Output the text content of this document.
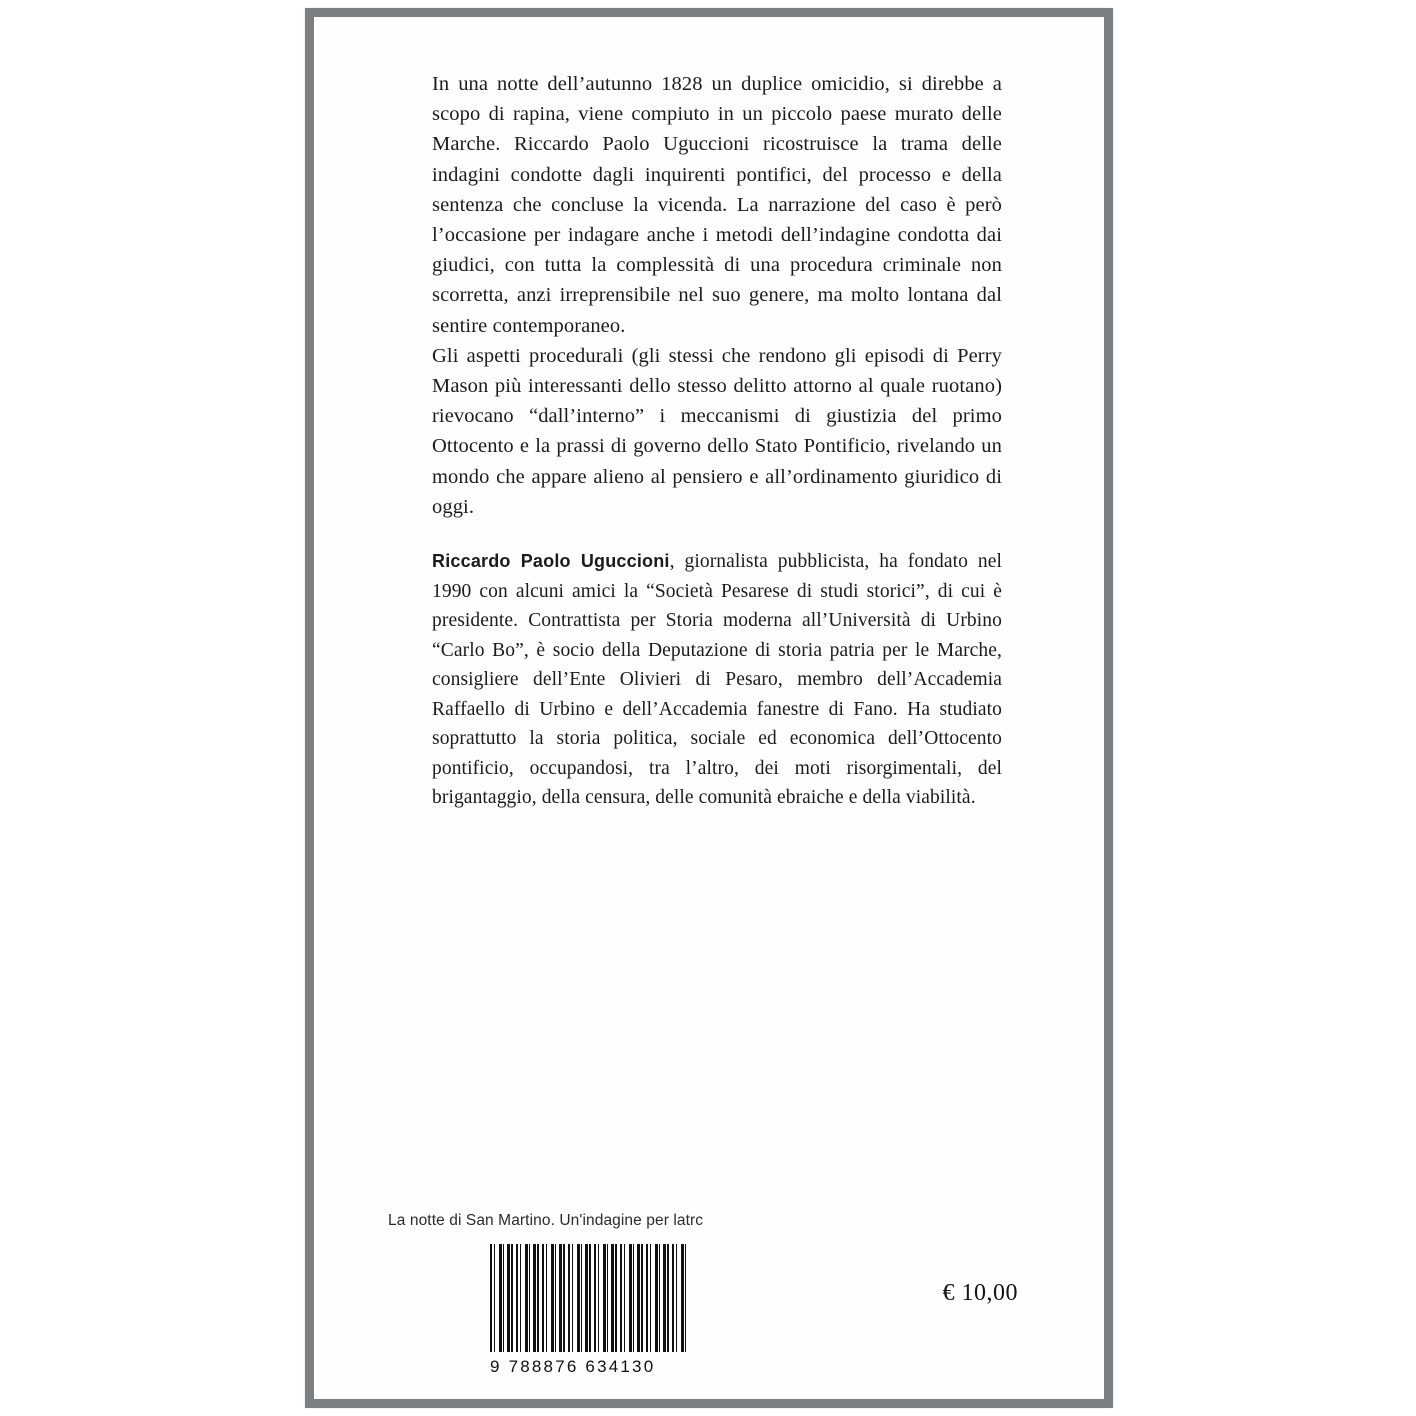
In una notte dell’autunno 1828 un duplice omicidio, si direbbe a scopo di rapina, viene compiuto in un piccolo paese murato delle Marche. Riccardo Paolo Uguccioni ricostruisce la trama delle indagini condotte dagli inquirenti pontifici, del processo e della sentenza che concluse la vicenda. La narrazione del caso è però l’occasione per indagare anche i metodi dell’indagine condotta dai giudici, con tutta la complessità di una procedura criminale non scorretta, anzi irreprensibile nel suo genere, ma molto lontana dal sentire contemporaneo.

Gli aspetti procedurali (gli stessi che rendono gli episodi di Perry Mason più interessanti dello stesso delitto attorno al quale ruotano) rievocano “dall’interno” i meccanismi di giustizia del primo Ottocento e la prassi di governo dello Stato Pontificio, rivelando un mondo che appare alieno al pensiero e all’ordinamento giuridico di oggi.

Riccardo Paolo Uguccioni, giornalista pubblicista, ha fondato nel 1990 con alcuni amici la “Società Pesarese di studi storici”, di cui è presidente. Contrattista per Storia moderna all’Università di Urbino “Carlo Bo”, è socio della Deputazione di storia patria per le Marche, consigliere dell’Ente Olivieri di Pesaro, membro dell’Accademia Raffaello di Urbino e dell’Accademia fanestre di Fano. Ha studiato soprattutto la storia politica, sociale ed economica dell’Ottocento pontificio, occupandosi, tra l’altro, dei moti risorgimentali, del brigantaggio, della censura, delle comunità ebraiche e della viabilità.
La notte di San Martino. Un'indagine per latrc
9 788876 634130
€ 10,00
